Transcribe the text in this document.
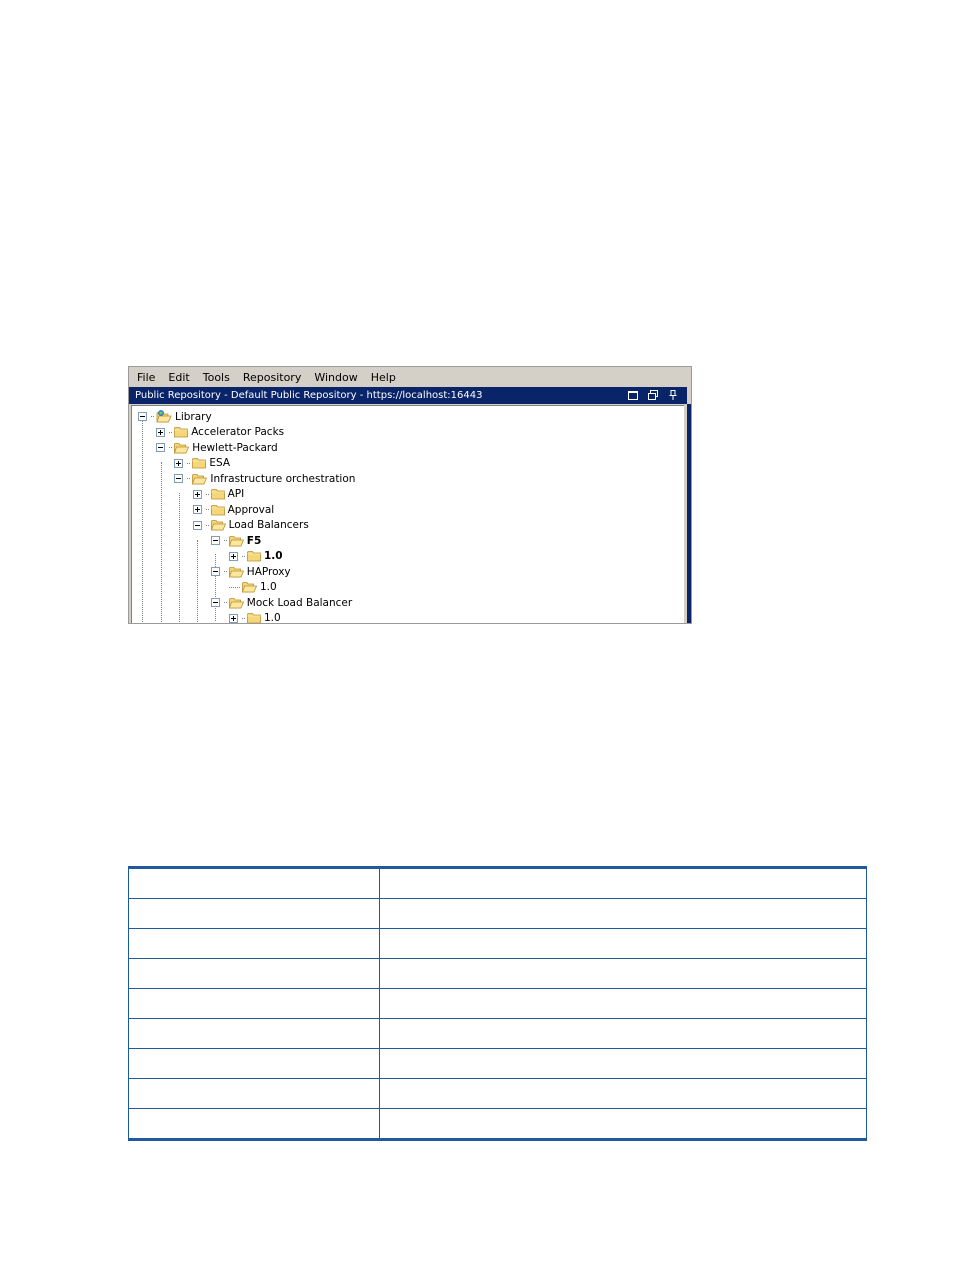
File Edit Tools Repository Window Help
Public Repository - Default Public Repository - https://localhost:16443
Library
Accelerator Packs
Hewlett-Packard
ESA
Infrastructure orchestration
API
Approval
Load Balancers
F5
1.0
HAProxy
1.0
Mock Load Balancer
1.0
